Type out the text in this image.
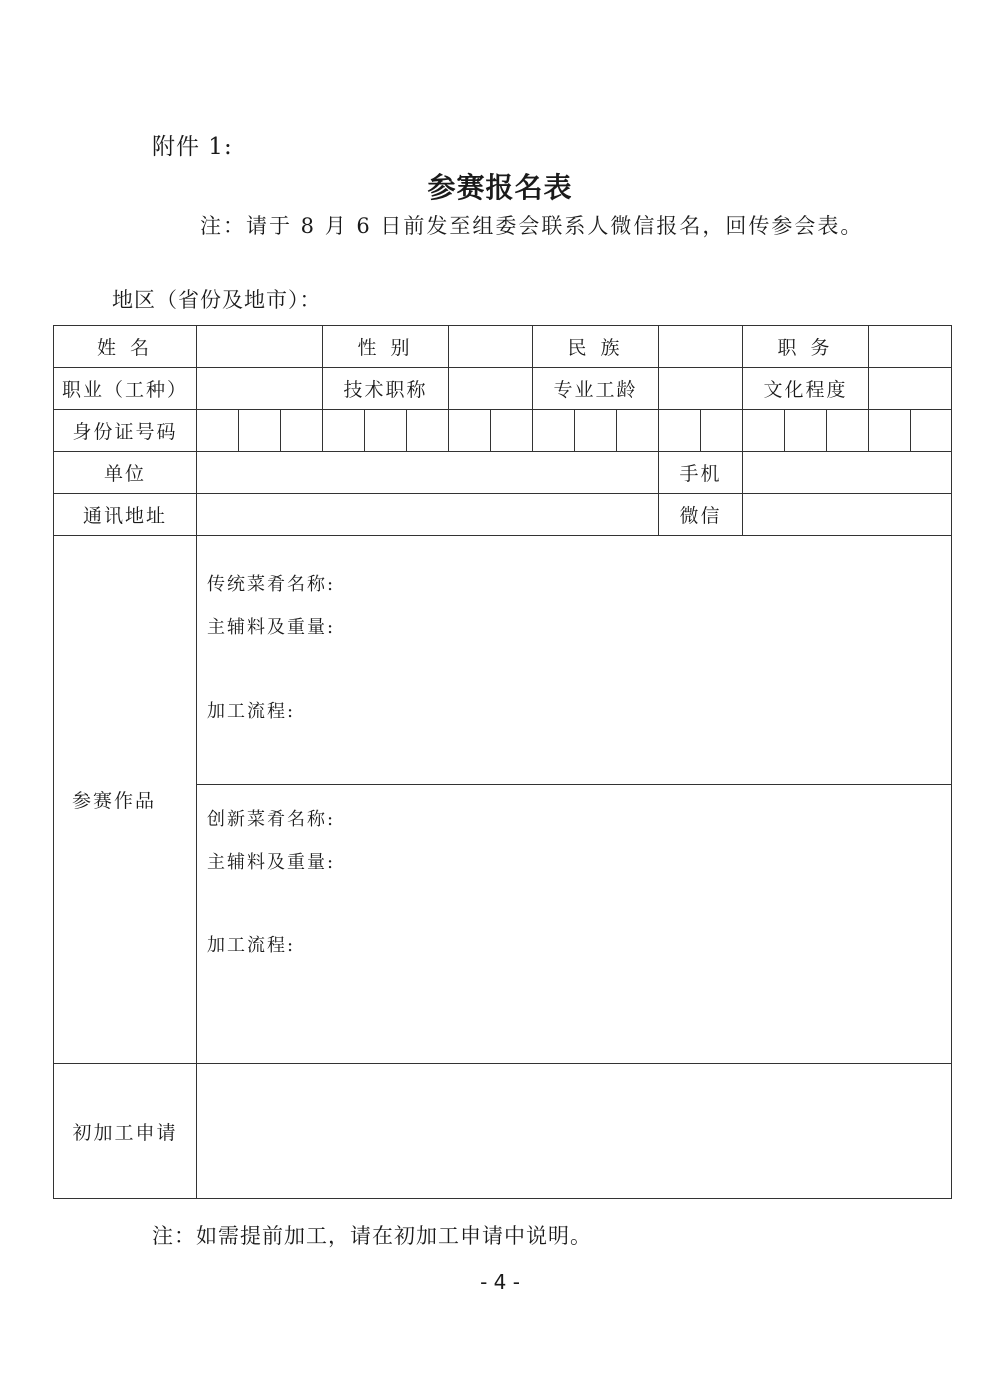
附件 1:
参赛报名表
注：请于 8 月 6 日前发至组委会联系人微信报名，回传参会表。
地区（省份及地市）：
姓 名				性 别					民 族					职 务				
职业（工种）				技术职称					专业工龄					文化程度				
身份证号码																		
单位												手机						
通讯地址												微信						
参赛作品	传统菜肴名称:
主辅料及重量:
加工流程:																	

	创新菜肴名称:
主辅料及重量:
加工流程:																	

初加工申请																		
注：如需提前加工，请在初加工申请中说明。
- 4 -
